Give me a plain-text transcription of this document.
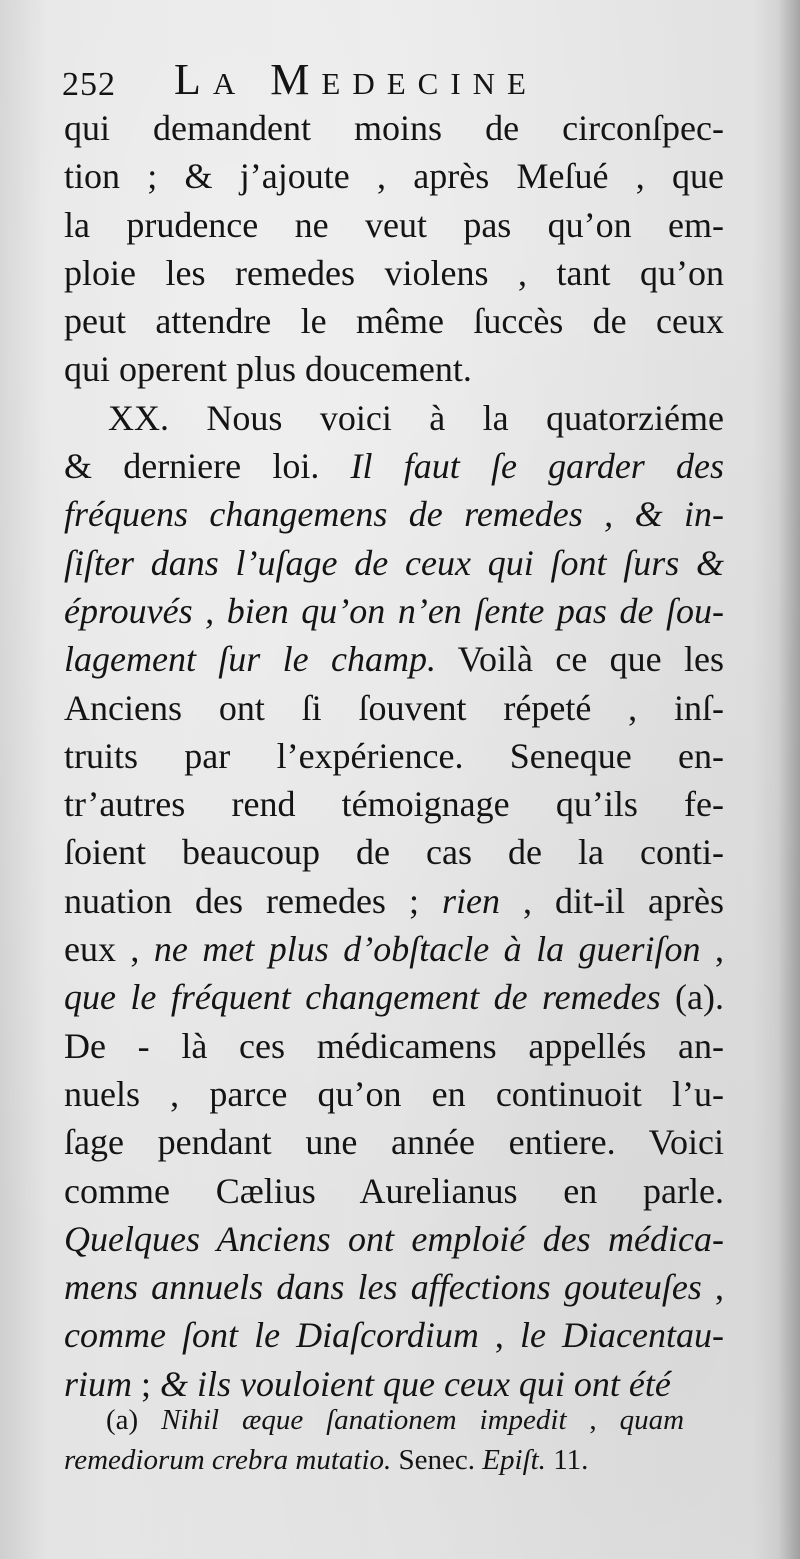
252 La Medecine
qui demandent moins de circonſpec-
tion ; & j’ajoute , après Meſué , que
la prudence ne veut pas qu’on em-
ploie les remedes violens , tant qu’on
peut attendre le même ſuccès de ceux
qui operent plus doucement.
XX. Nous voici à la quatorziéme
& derniere loi. Il faut ſe garder des
fréquens changemens de remedes , & in-
ſiſter dans l’uſage de ceux qui ſont ſurs &
éprouvés , bien qu’on n’en ſente pas de ſou-
lagement ſur le champ. Voilà ce que les
Anciens ont ſi ſouvent répeté , inſ-
truits par l’expérience. Seneque en-
tr’autres rend témoignage qu’ils fe-
ſoient beaucoup de cas de la conti-
nuation des remedes ; rien , dit-il après
eux , ne met plus d’obſtacle à la gueriſon ,
que le fréquent changement de remedes (a).
De - là ces médicamens appellés an-
nuels , parce qu’on en continuoit l’u-
ſage pendant une année entiere. Voici
comme Cælius Aurelianus en parle.
Quelques Anciens ont emploié des médica-
mens annuels dans les affections gouteuſes ,
comme ſont le Diaſcordium , le Diacentau-
rium ; & ils vouloient que ceux qui ont été
(a) Nihil æque ſanationem impedit , quam
remediorum crebra mutatio. Senec. Epiſt. 11.
